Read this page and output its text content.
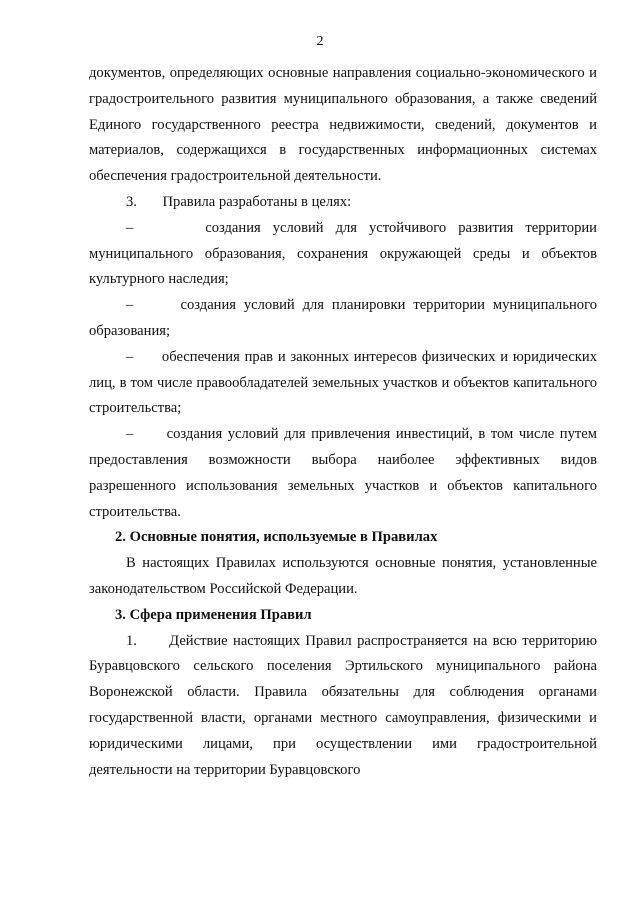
2

документов, определяющих основные направления социально-экономического и градостроительного развития муниципального образования, а также сведений Единого государственного реестра недвижимости, сведений, документов и материалов, содержащихся в государственных информационных системах обеспечения градостроительной деятельности.

3.       Правила разработаны в целях:

–      создания условий для устойчивого развития территории муниципального образования, сохранения окружающей среды и объектов культурного наследия;

–      создания условий для планировки территории муниципального образования;

–      обеспечения прав и законных интересов физических и юридических лиц, в том числе правообладателей земельных участков и объектов капитального строительства;

–      создания условий для привлечения инвестиций, в том числе путем предоставления возможности выбора наиболее эффективных видов разрешенного использования земельных участков и объектов капитального строительства.

2. Основные понятия, используемые в Правилах

В настоящих Правилах используются основные понятия, установленные законодательством Российской Федерации.

3. Сфера применения Правил

1.      Действие настоящих Правил распространяется на всю территорию Буравцовского сельского поселения Эртильского муниципального района Воронежской области. Правила обязательны для соблюдения органами государственной власти, органами местного самоуправления, физическими и юридическими лицами, при осуществлении ими градостроительной деятельности на территории Буравцовского
